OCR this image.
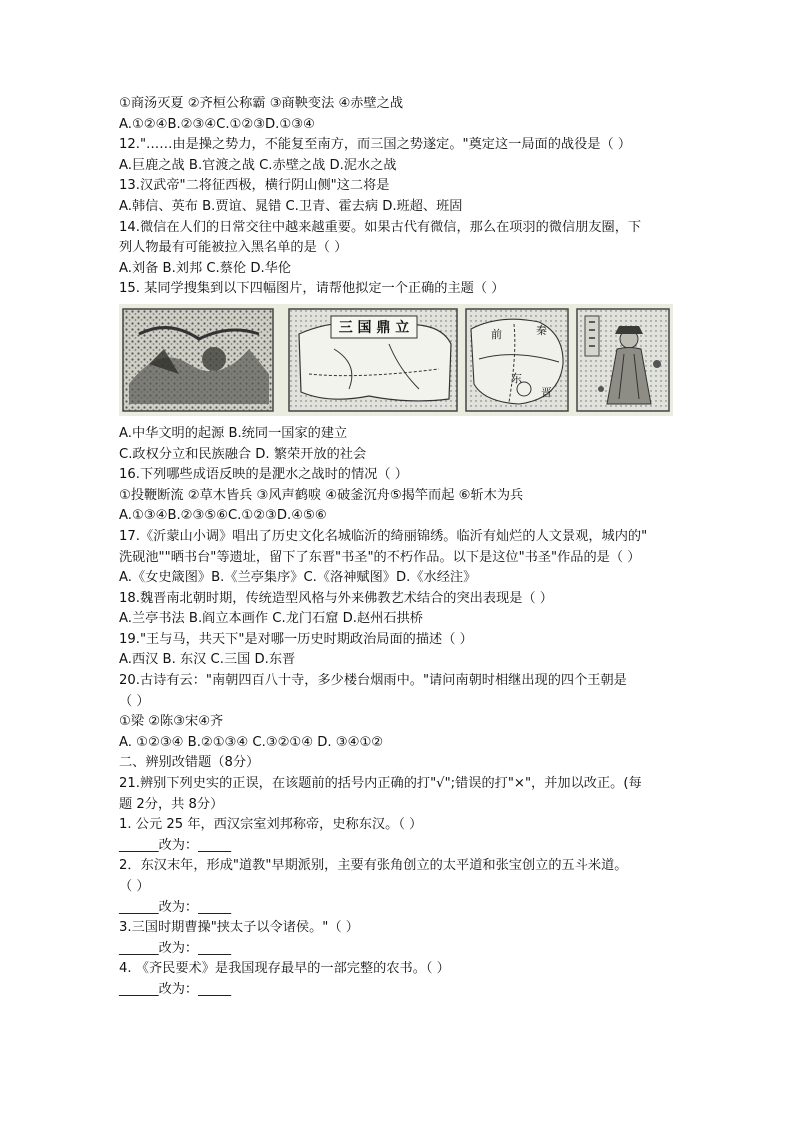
①商汤灭夏 ②齐桓公称霸 ③商鞅变法 ④赤壁之战
A.①②④B.②③④C.①②③D.①③④
12."……由是操之势力，不能复至南方，而三国之势遂定。"奠定这一局面的战役是（ ）
A.巨鹿之战 B.官渡之战 C.赤壁之战 D.泥水之战
13.汉武帝"二将征西极，横行阴山侧"这二将是
A.韩信、英布 B.贾谊、晁错 C.卫青、霍去病 D.班超、班固
14.微信在人们的日常交往中越来越重要。如果古代有微信，那么在项羽的微信朋友圈，下
列人物最有可能被拉入黑名单的是（ ）
A.刘备 B.刘邦 C.蔡伦 D.华伦
15. 某同学搜集到以下四幅图片，请帮他拟定一个正确的主题（ ）
三 国 鼎 立	前	秦
东
晋
A.中华文明的起源 B.统同一国家的建立
C.政权分立和民族融合 D. 繁荣开放的社会
16.下列哪些成语反映的是淝水之战时的情况（ ）
①投鞭断流 ②草木皆兵 ③风声鹤唳 ④破釜沉舟⑤揭竿而起 ⑥斩木为兵
A.①③④B.②③⑤⑥C.①②③D.④⑤⑥
17.《沂蒙山小调》唱出了历史文化名城临沂的绮丽锦绣。临沂有灿烂的人文景观，城内的"
洗砚池""晒书台"等遗址，留下了东晋"书圣"的不朽作品。以下是这位"书圣"作品的是（ ）
A.《女史箴图》B.《兰亭集序》C.《洛神赋图》D.《水经注》
18.魏晋南北朝时期，传统造型风格与外来佛教艺术结合的突出表现是（ ）
A.兰亭书法 B.阎立本画作 C.龙门石窟 D.赵州石拱桥
19."王与马，共天下"是对哪一历史时期政治局面的描述（ ）
A.西汉 B. 东汉 C.三国 D.东晋
20.古诗有云："南朝四百八十寺，多少楼台烟雨中。"请问南朝时相继出现的四个王朝是
（ ）
①梁 ②陈③宋④齐
A. ①②③④ B.②①③④ C.③②①④ D. ③④①②
二、辨别改错题（8分）
21.辨别下列史实的正误，在该题前的括号内正确的打"√";错误的打"×"，并加以改正。(每
题 2分，共 8分）
1. 公元 25 年，西汉宗室刘邦称帝，史称东汉。（ ）
______改为：_____
2．东汉末年，形成"道教"早期派别，主要有张角创立的太平道和张宝创立的五斗米道。
（ ）
______改为：_____
3.三国时期曹操"挟太子以令诸侯。"（ ）
______改为：_____
4. 《齐民要术》是我国现存最早的一部完整的农书。（ ）
______改为：_____
